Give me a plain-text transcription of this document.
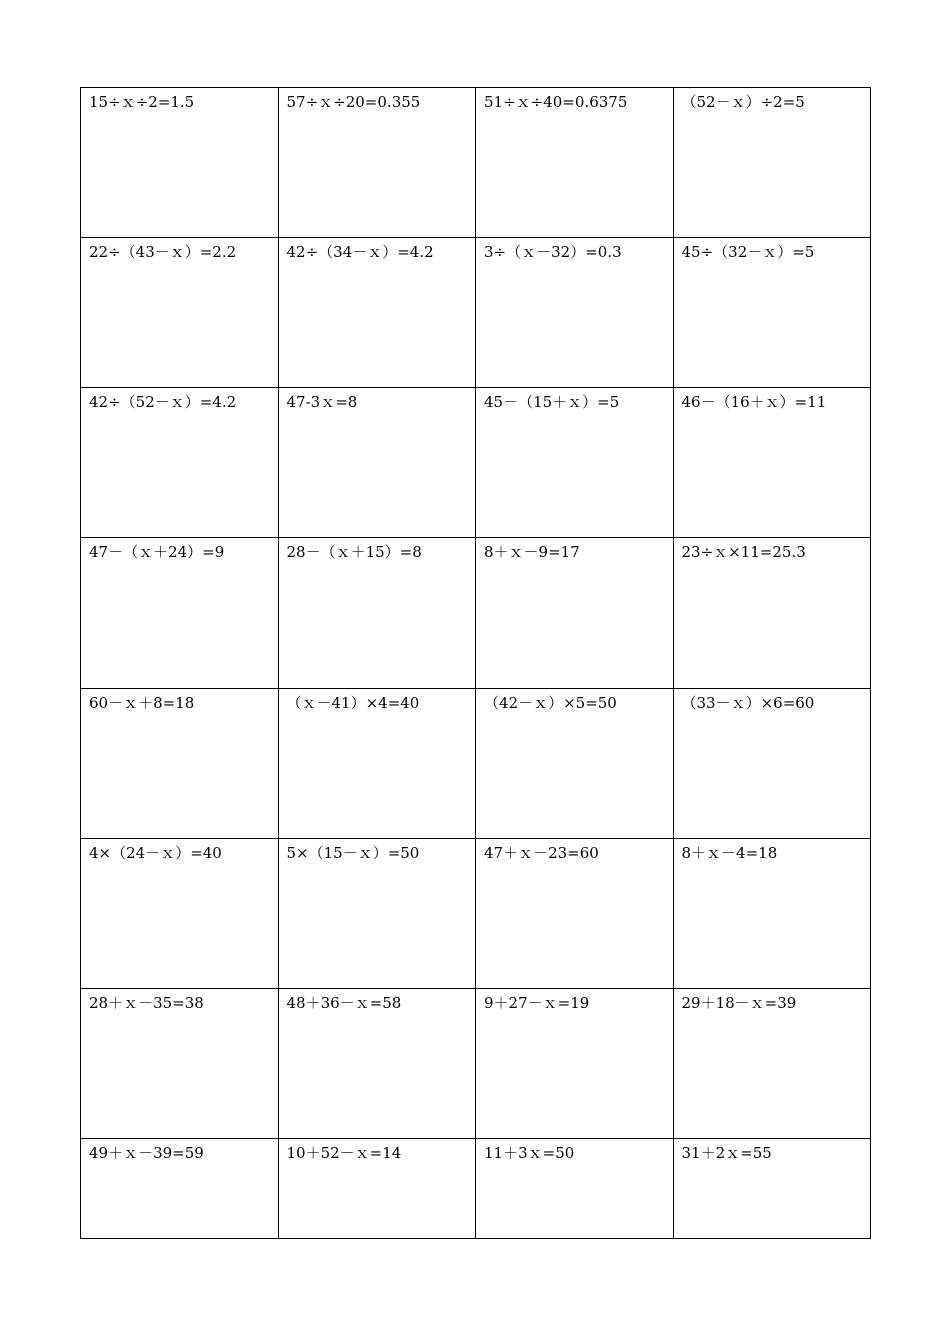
15÷ｘ÷2=1.5	57÷ｘ÷20=0.355	51÷ｘ÷40=0.6375	（52－ｘ）÷2=5
22÷（43－ｘ）=2.2	42÷（34－ｘ）=4.2	3÷（ｘ－32）=0.3	45÷（32－ｘ）=5
42÷（52－ｘ）=4.2	47-3ｘ=8	45－（15＋ｘ）=5	46－（16＋ｘ）=11
47－（ｘ＋24）=9	28－（ｘ＋15）=8	8＋ｘ－9=17	23÷ｘ×11=25.3
60－ｘ＋8=18	（ｘ－41）×4=40	（42－ｘ）×5=50	（33－ｘ）×6=60
4×（24－ｘ）=40	5×（15－ｘ）=50	47＋ｘ－23=60	8＋ｘ－4=18
28＋ｘ－35=38	48＋36－ｘ=58	9＋27－ｘ=19	29＋18－ｘ=39
49＋ｘ－39=59	10＋52－ｘ=14	11＋3ｘ=50	31＋2ｘ=55
